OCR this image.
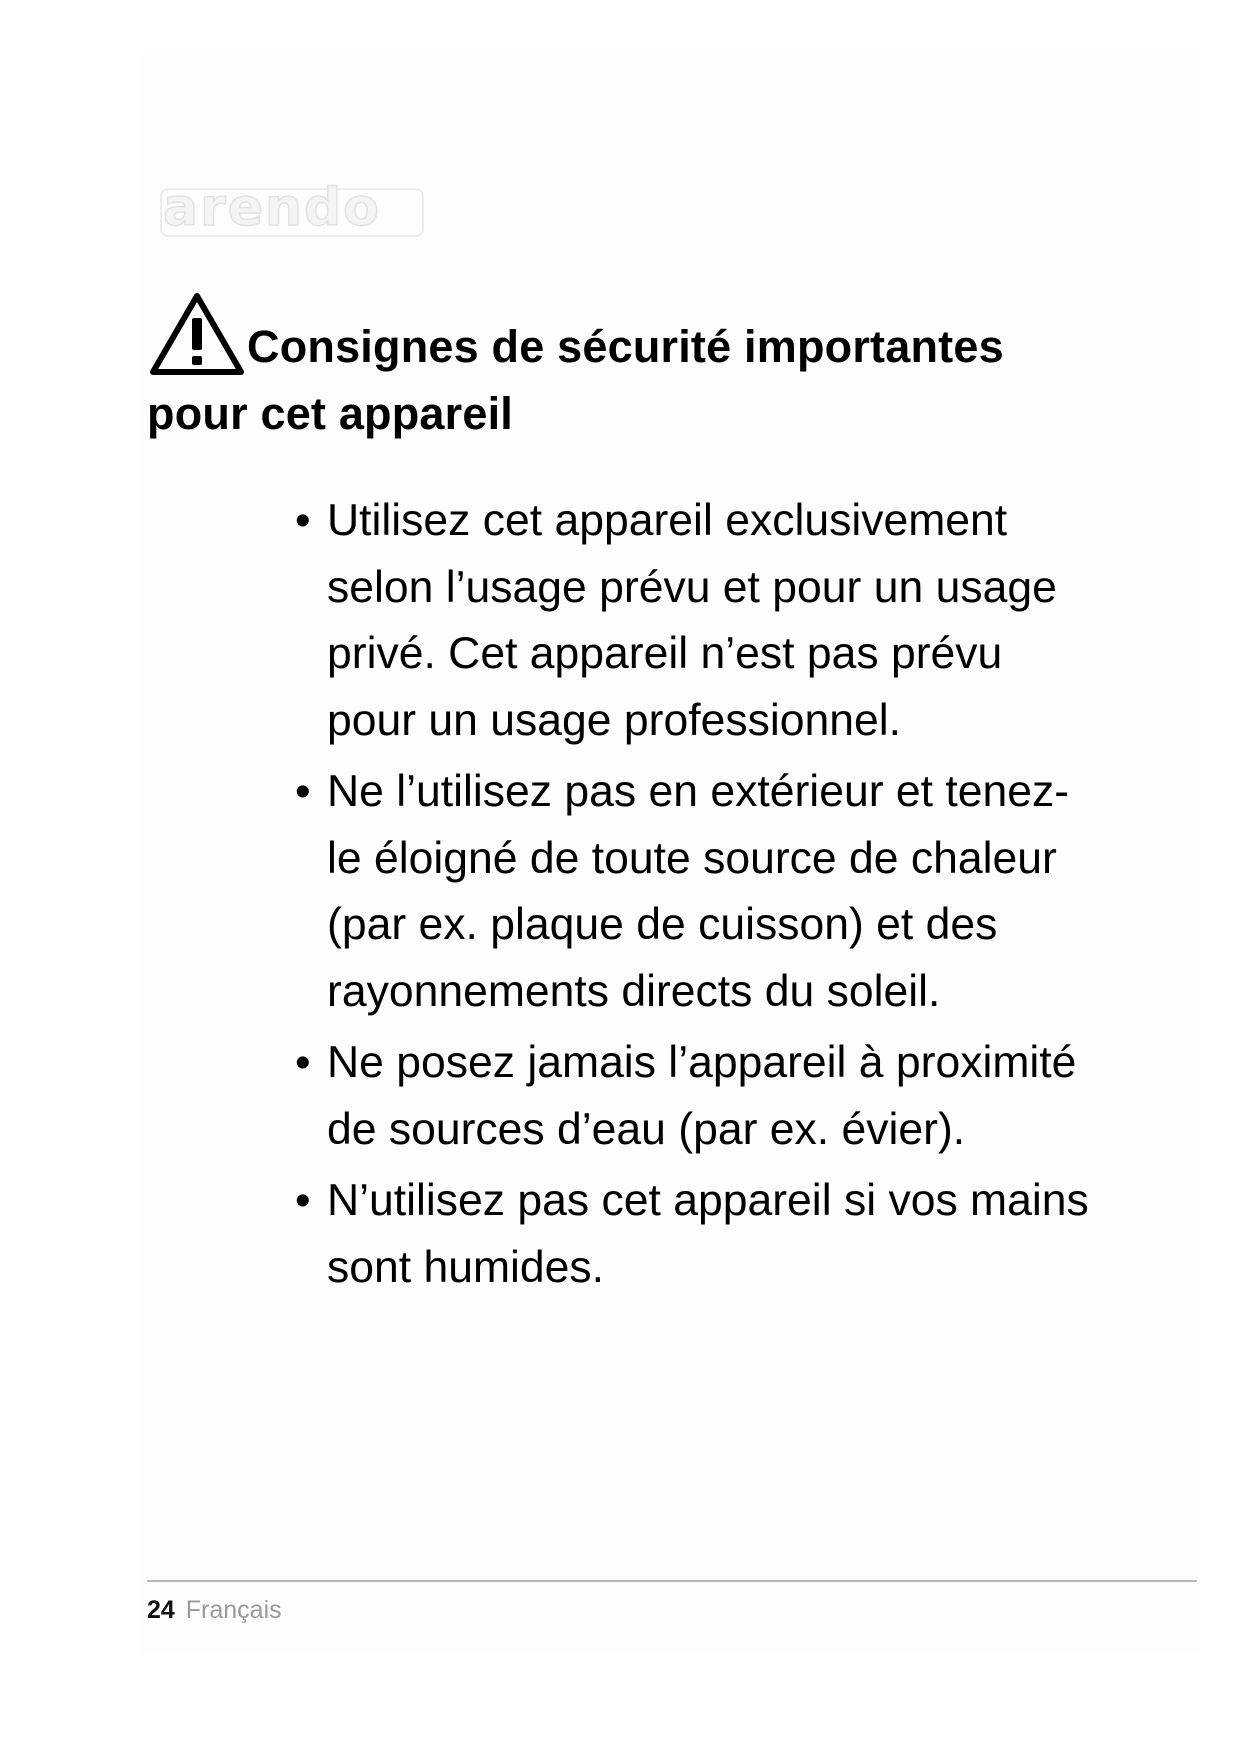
arendo
Consignes de sécurité importantes pour cet appareil
• Utilisez cet appareil exclusivement selon l’usage prévu et pour un usage privé. Cet appareil n’est pas prévu pour un usage professionnel.
• Ne l’utilisez pas en extérieur et tenez-le éloigné de toute source de chaleur (par ex. plaque de cuisson) et des rayonnements directs du soleil.
• Ne posez jamais l’appareil à proximité de sources d’eau (par ex. évier).
• N’utilisez pas cet appareil si vos mains sont humides.
24 Français
